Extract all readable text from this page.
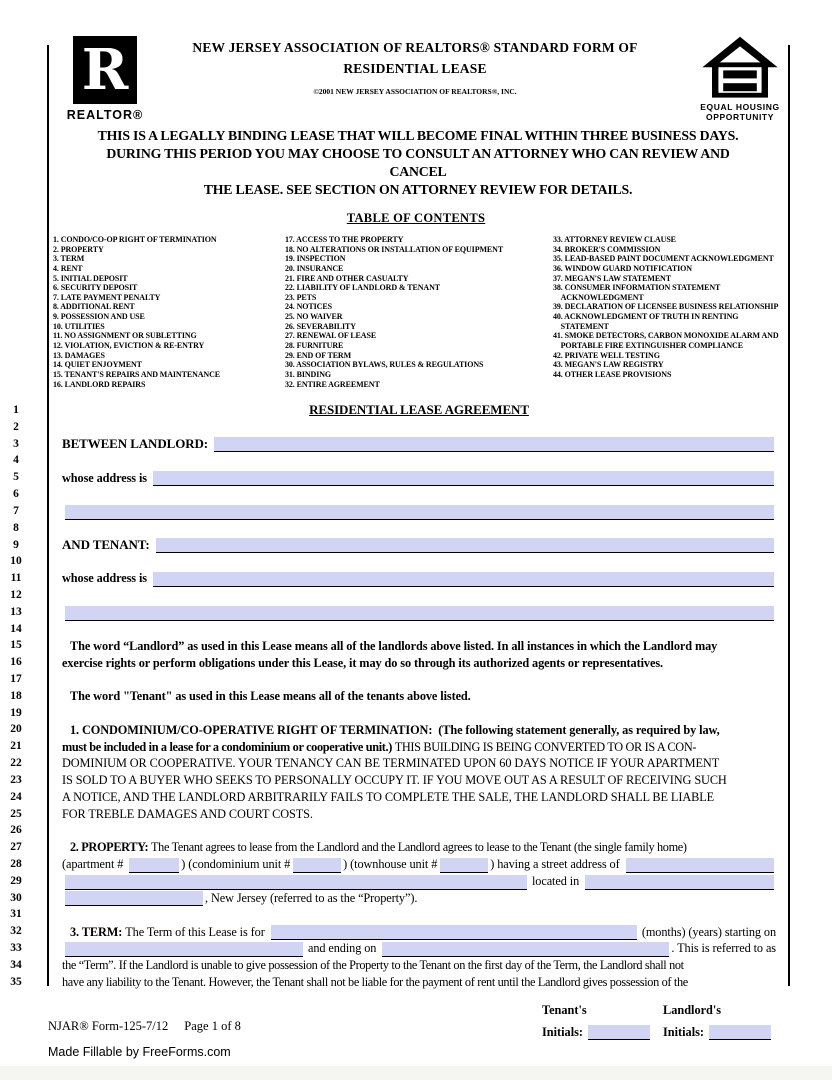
R
REALTOR®
NEW JERSEY ASSOCIATION OF REALTORS® STANDARD FORM OF
RESIDENTIAL LEASE
©2001 NEW JERSEY ASSOCIATION OF REALTORS®, INC.
EQUAL HOUSING
OPPORTUNITY
THIS IS A LEGALLY BINDING LEASE THAT WILL BECOME FINAL WITHIN THREE BUSINESS DAYS.
DURING THIS PERIOD YOU MAY CHOOSE TO CONSULT AN ATTORNEY WHO CAN REVIEW AND CANCEL
THE LEASE. SEE SECTION ON ATTORNEY REVIEW FOR DETAILS.
TABLE OF CONTENTS
1. CONDO/CO-OP RIGHT OF TERMINATION
2. PROPERTY
3. TERM
4. RENT
5. INITIAL DEPOSIT
6. SECURITY DEPOSIT
7. LATE PAYMENT PENALTY
8. ADDITIONAL RENT
9. POSSESSION AND USE
10. UTILITIES
11. NO ASSIGNMENT OR SUBLETTING
12. VIOLATION, EVICTION & RE-ENTRY
13. DAMAGES
14. QUIET ENJOYMENT
15. TENANT'S REPAIRS AND MAINTENANCE
16. LANDLORD REPAIRS
17. ACCESS TO THE PROPERTY
18. NO ALTERATIONS OR INSTALLATION OF EQUIPMENT
19. INSPECTION
20. INSURANCE
21. FIRE AND OTHER CASUALTY
22. LIABILITY OF LANDLORD & TENANT
23. PETS
24. NOTICES
25. NO WAIVER
26. SEVERABILITY
27. RENEWAL OF LEASE
28. FURNITURE
29. END OF TERM
30. ASSOCIATION BYLAWS, RULES & REGULATIONS
31. BINDING
32. ENTIRE AGREEMENT
33. ATTORNEY REVIEW CLAUSE
34. BROKER'S COMMISSION
35. LEAD-BASED PAINT DOCUMENT ACKNOWLEDGMENT
36. WINDOW GUARD NOTIFICATION
37. MEGAN'S LAW STATEMENT
38. CONSUMER INFORMATION STATEMENT
ACKNOWLEDGMENT
39. DECLARATION OF LICENSEE BUSINESS RELATIONSHIP
40. ACKNOWLEDGMENT OF TRUTH IN RENTING
STATEMENT
41. SMOKE DETECTORS, CARBON MONOXIDE ALARM AND
PORTABLE FIRE EXTINGUISHER COMPLIANCE
42. PRIVATE WELL TESTING
43. MEGAN'S LAW REGISTRY
44. OTHER LEASE PROVISIONS
1
2
3
4
5
6
7
8
9
10
11
12
13
14
15
16
17
18
19
20
21
22
23
24
25
26
27
28
29
30
31
32
33
34
35
RESIDENTIAL LEASE AGREEMENT
BETWEEN LANDLORD:
whose address is
AND TENANT:
whose address is
The word “Landlord” as used in this Lease means all of the landlords above listed. In all instances in which the Landlord may
exercise rights or perform obligations under this Lease, it may do so through its authorized agents or representatives.
The word "Tenant" as used in this Lease means all of the tenants above listed.
1. CONDOMINIUM/CO-OPERATIVE RIGHT OF TERMINATION:  (The following statement generally, as required by law,
must be included in a lease for a condominium or cooperative unit.) THIS BUILDING IS BEING CONVERTED TO OR IS A CON-
DOMINIUM OR COOPERATIVE. YOUR TENANCY CAN BE TERMINATED UPON 60 DAYS NOTICE IF YOUR APARTMENT
IS SOLD TO A BUYER WHO SEEKS TO PERSONALLY OCCUPY IT. IF YOU MOVE OUT AS A RESULT OF RECEIVING SUCH
A NOTICE, AND THE LANDLORD ARBITRARILY FAILS TO COMPLETE THE SALE, THE LANDLORD SHALL BE LIABLE
FOR TREBLE DAMAGES AND COURT COSTS.
2. PROPERTY: The Tenant agrees to lease from the Landlord and the Landlord agrees to lease to the Tenant (the single family home)
(apartment #	) (condominium unit #	) (townhouse unit #	) having a street address of
located in
, New Jersey (referred to as the “Property”).
3. TERM: The Term of this Lease is for	(months) (years) starting on
and ending on	. This is referred to as
the “Term”. If the Landlord is unable to give possession of the Property to the Tenant on the first day of the Term, the Landlord shall not
have any liability to the Tenant. However, the Tenant shall not be liable for the payment of rent until the Landlord gives possession of the
NJAR® Form-125-7/12 Page 1 of 8
Made Fillable by FreeForms.com
Tenant's
Initials:
Landlord's
Initials:
